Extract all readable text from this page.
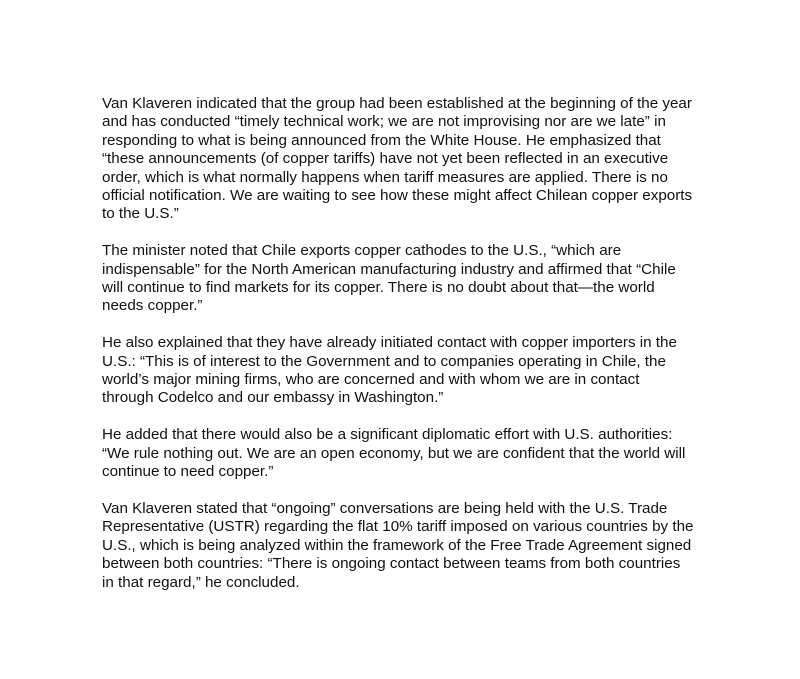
Van Klaveren indicated that the group had been established at the beginning of the year
and has conducted “timely technical work; we are not improvising nor are we late” in
responding to what is being announced from the White House. He emphasized that
“these announcements (of copper tariffs) have not yet been reflected in an executive
order, which is what normally happens when tariff measures are applied. There is no
official notification. We are waiting to see how these might affect Chilean copper exports
to the U.S.”

The minister noted that Chile exports copper cathodes to the U.S., “which are
indispensable” for the North American manufacturing industry and affirmed that “Chile
will continue to find markets for its copper. There is no doubt about that—the world
needs copper.”

He also explained that they have already initiated contact with copper importers in the
U.S.: “This is of interest to the Government and to companies operating in Chile, the
world’s major mining firms, who are concerned and with whom we are in contact
through Codelco and our embassy in Washington.”

He added that there would also be a significant diplomatic effort with U.S. authorities:
“We rule nothing out. We are an open economy, but we are confident that the world will
continue to need copper.”

Van Klaveren stated that “ongoing” conversations are being held with the U.S. Trade
Representative (USTR) regarding the flat 10% tariff imposed on various countries by the
U.S., which is being analyzed within the framework of the Free Trade Agreement signed
between both countries: “There is ongoing contact between teams from both countries
in that regard,” he concluded.
